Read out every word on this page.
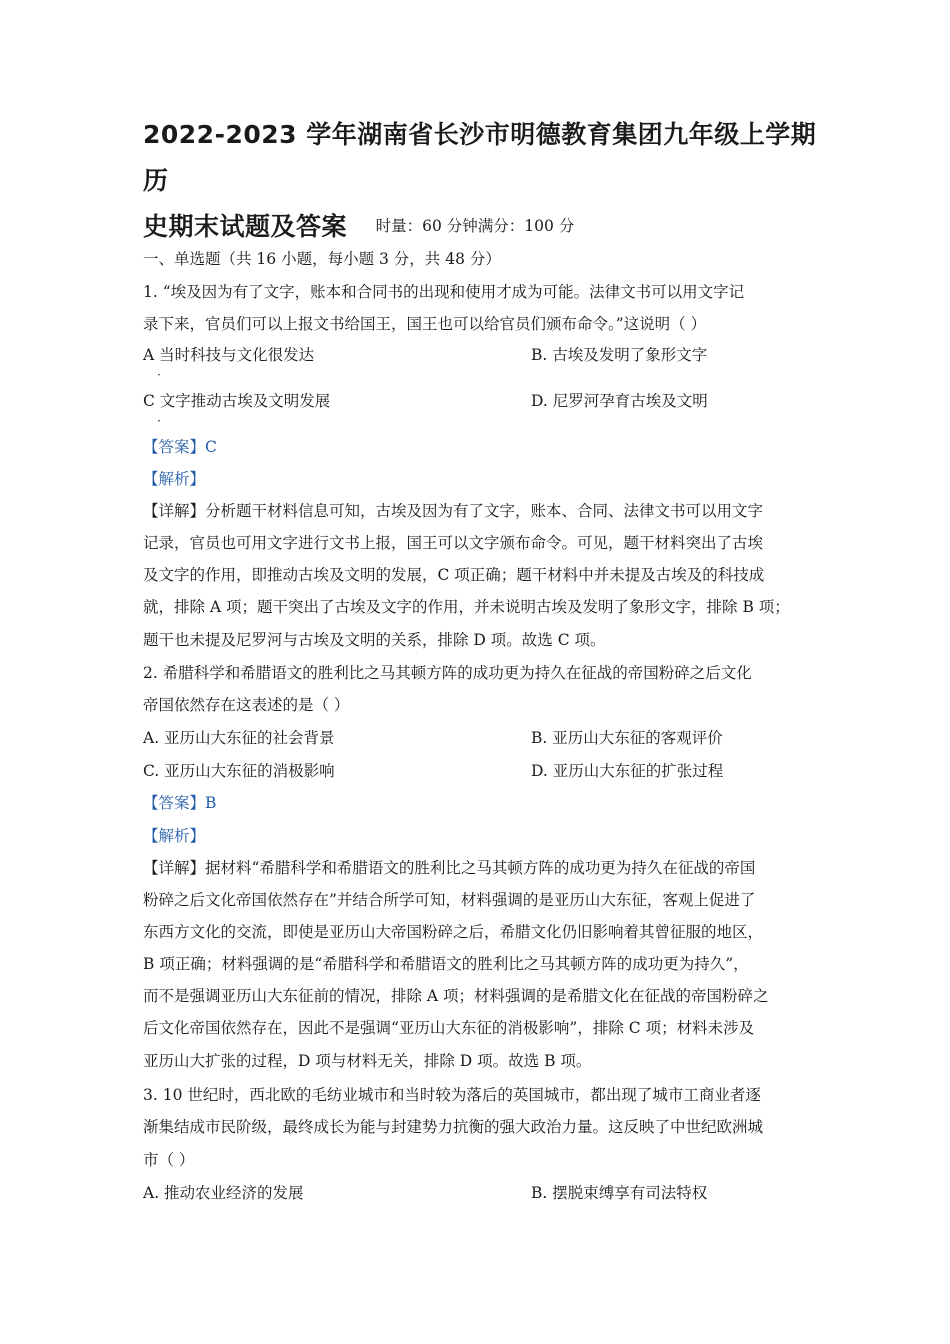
2022-2023 学年湖南省长沙市明德教育集团九年级上学期历
史期末试题及答案	时量：60 分钟满分：100 分
一、单选题（共 16 小题，每小题 3 分，共 48 分）
1. “埃及因为有了文字，账本和合同书的出现和使用才成为可能。法律文书可以用文字记
录下来，官员们可以上报文书给国王，国王也可以给官员们颁布命令。”这说明（ ）
A 当时科技与文化很发达	B. 古埃及发明了象形文字
·
C 文字推动古埃及文明发展	D. 尼罗河孕育古埃及文明
·
【答案】C
【解析】
【详解】分析题干材料信息可知，古埃及因为有了文字，账本、合同、法律文书可以用文字
记录，官员也可用文字进行文书上报，国王可以文字颁布命令。可见，题干材料突出了古埃
及文字的作用，即推动古埃及文明的发展，C 项正确；题干材料中并未提及古埃及的科技成
就，排除 A 项；题干突出了古埃及文字的作用，并未说明古埃及发明了象形文字，排除 B 项；
题干也未提及尼罗河与古埃及文明的关系，排除 D 项。故选 C 项。
2. 希腊科学和希腊语文的胜利比之马其顿方阵的成功更为持久在征战的帝国粉碎之后文化
帝国依然存在这表述的是（ ）
A. 亚历山大东征的社会背景	B. 亚历山大东征的客观评价
C. 亚历山大东征的消极影响	D. 亚历山大东征的扩张过程
【答案】B
【解析】
【详解】据材料“希腊科学和希腊语文的胜利比之马其顿方阵的成功更为持久在征战的帝国
粉碎之后文化帝国依然存在”并结合所学可知，材料强调的是亚历山大东征，客观上促进了
东西方文化的交流，即使是亚历山大帝国粉碎之后，希腊文化仍旧影响着其曾征服的地区，
B 项正确；材料强调的是“希腊科学和希腊语文的胜利比之马其顿方阵的成功更为持久”，
而不是强调亚历山大东征前的情况，排除 A 项；材料强调的是希腊文化在征战的帝国粉碎之
后文化帝国依然存在，因此不是强调“亚历山大东征的消极影响”，排除 C 项；材料未涉及
亚历山大扩张的过程，D 项与材料无关，排除 D 项。故选 B 项。
3. 10 世纪时，西北欧的毛纺业城市和当时较为落后的英国城市，都出现了城市工商业者逐
渐集结成市民阶级，最终成长为能与封建势力抗衡的强大政治力量。这反映了中世纪欧洲城
市（ ）
A. 推动农业经济的发展	B. 摆脱束缚享有司法特权
